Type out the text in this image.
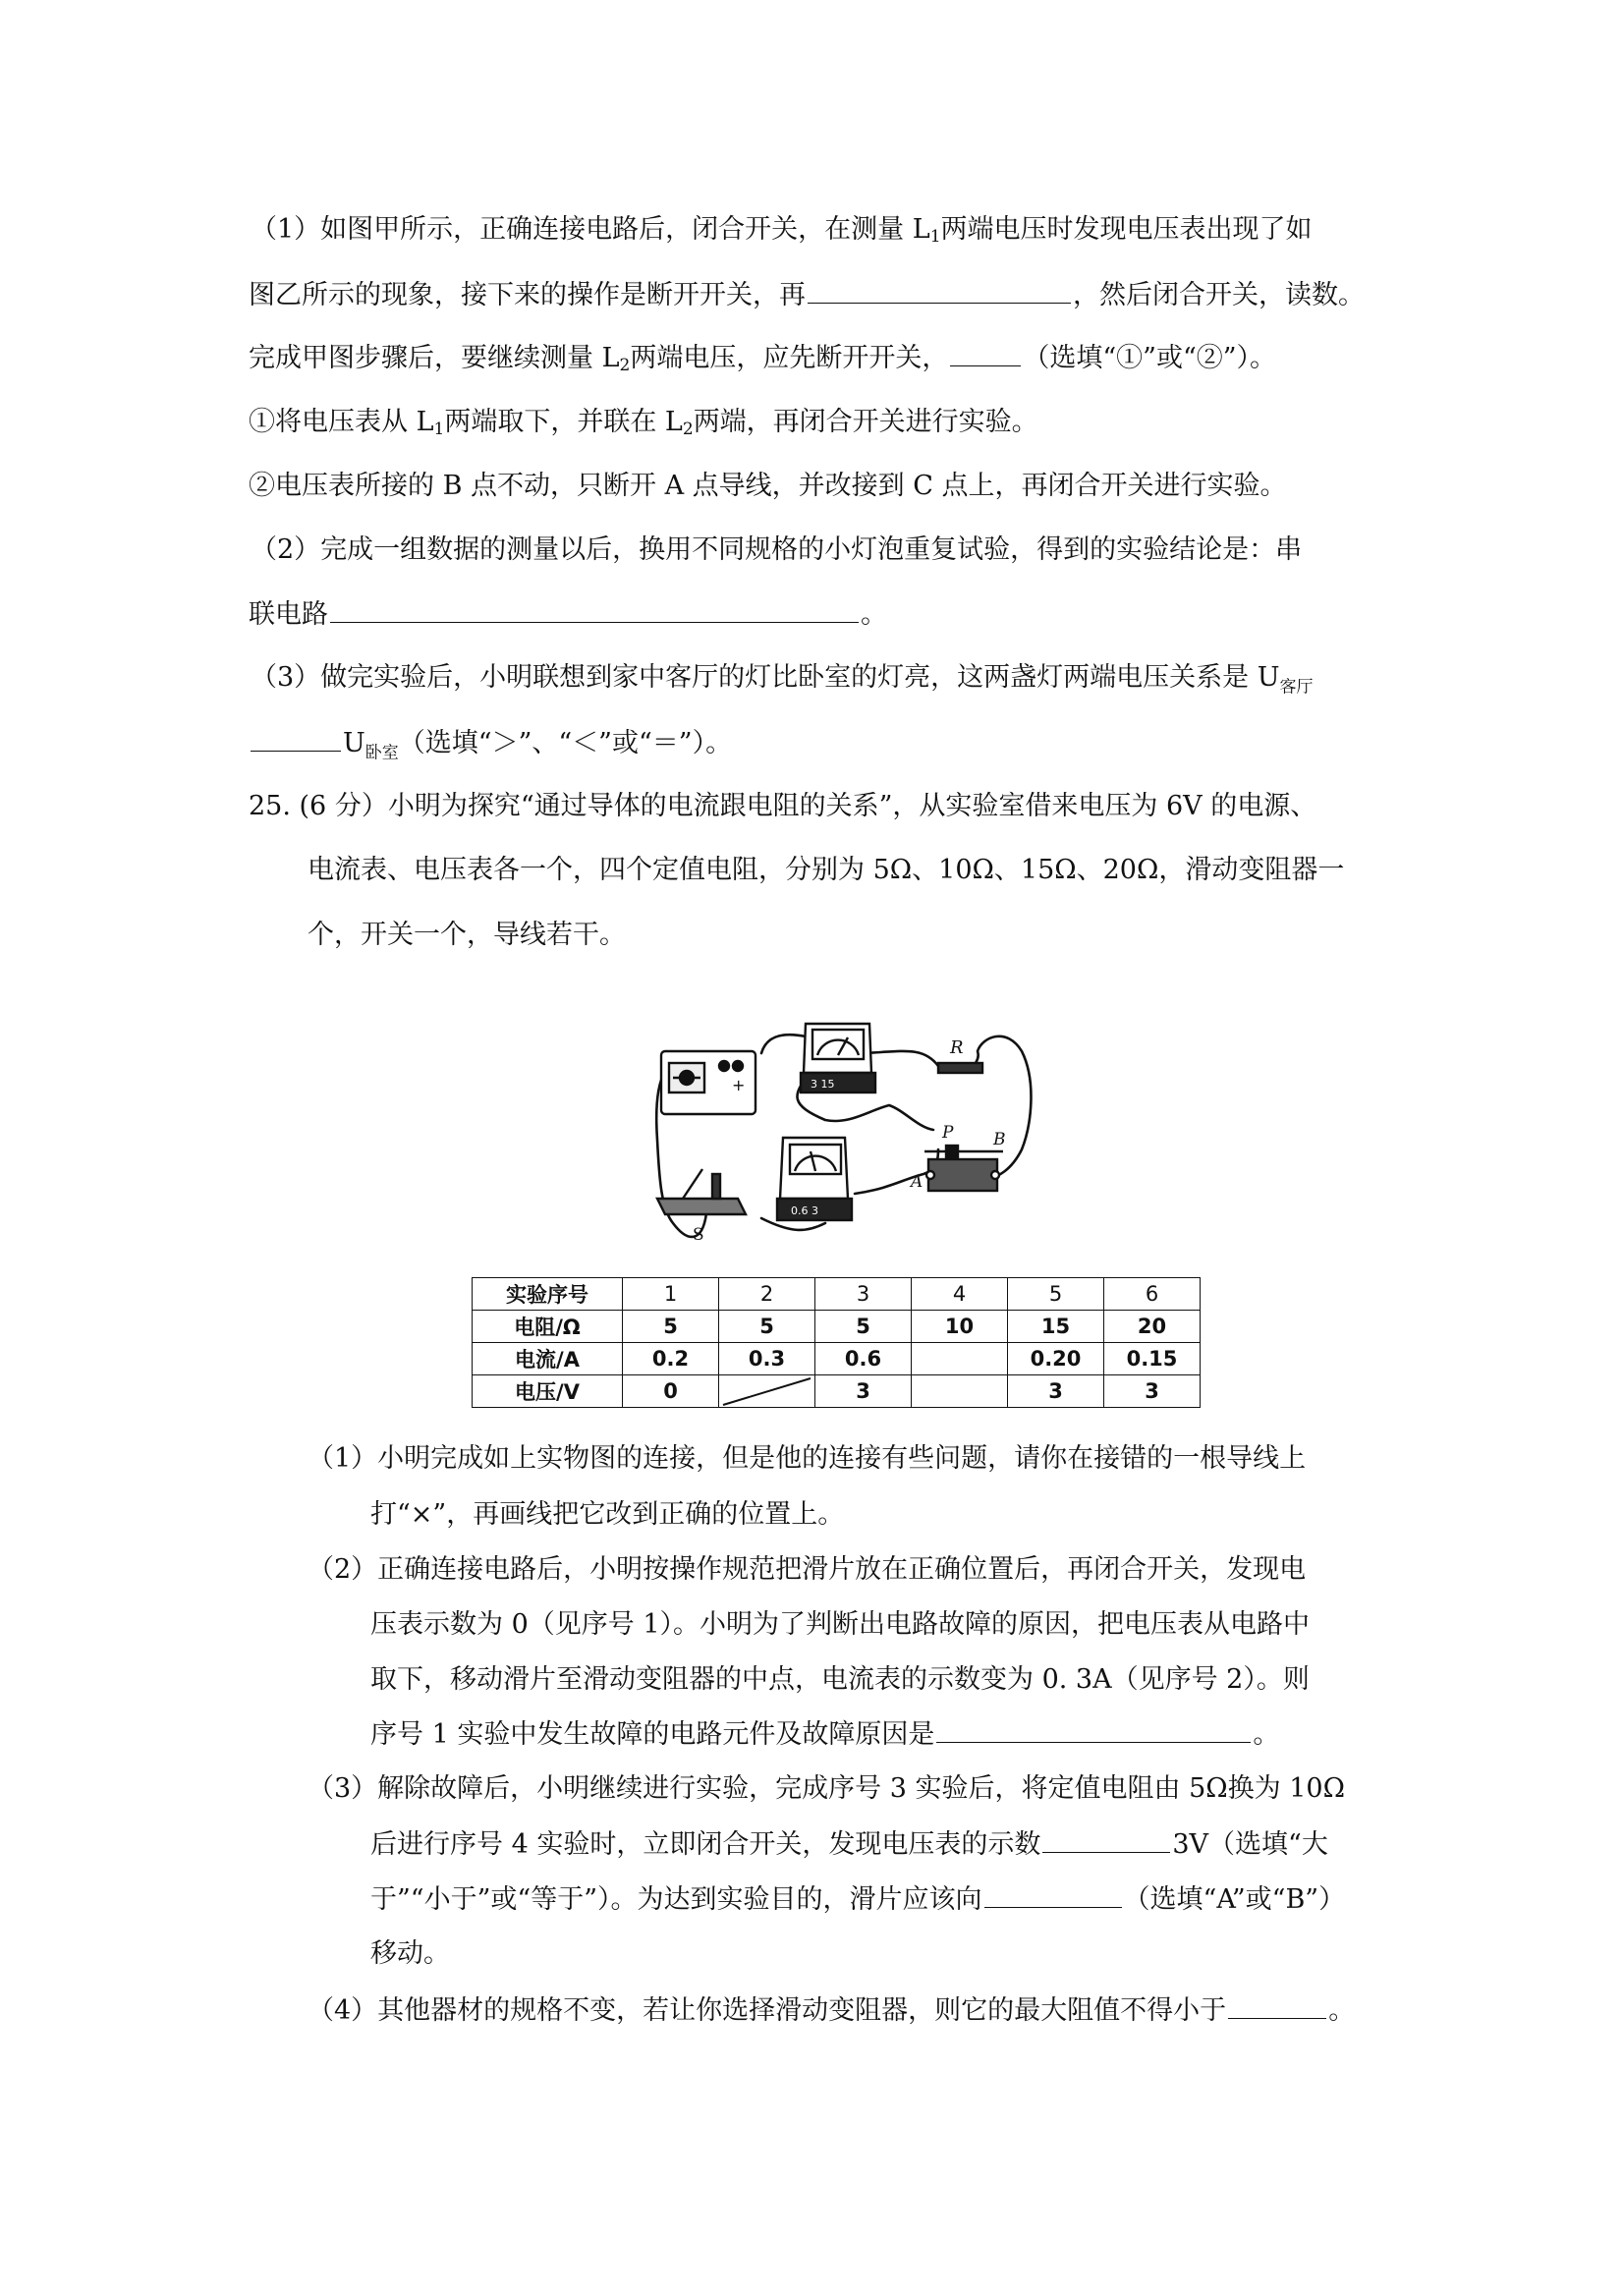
（1）如图甲所示，正确连接电路后，闭合开关，在测量 $L_1$两端电压时发现电压表出现了如
图乙所示的现象，接下来的操作是断开开关，再	，然后闭合开关，读数。
完成甲图步骤后，要继续测量 $L_2$两端电压，应先断开开关，	（选填“①”或“②”）。
①将电压表从 $L_1$两端取下，并联在 $L_2$两端，再闭合开关进行实验。
②电压表所接的 B 点不动，只断开 A 点导线，并改接到 C 点上，再闭合开关进行实验。
（2）完成一组数据的测量以后，换用不同规格的小灯泡重复试验，得到的实验结论是：串
联电路	。
（3）做完实验后，小明联想到家中客厅的灯比卧室的灯亮，这两盏灯两端电压关系是 $U_{客厅}$
$U_{卧室}$（选填“＞”、“＜”或“＝”）。
25. (6 分）小明为探究“通过导体的电流跟电阻的关系”，从实验室借来电压为 6V 的电源、
电流表、电压表各一个，四个定值电阻，分别为 5Ω、10Ω、15Ω、20Ω，滑动变阻器一
个，开关一个，导线若干。
+	3 15
R
0.6 3
P
A
B
S
实验序号	1	2	3	4	5	6
电阻/Ω	5	5	5	10	15	20
电流/A	0.2	0.3	0.6		0.20	0.15
电压/V	0		3		3	3
（1）小明完成如上实物图的连接，但是他的连接有些问题，请你在接错的一根导线上
打“×”，再画线把它改到正确的位置上。
（2）正确连接电路后，小明按操作规范把滑片放在正确位置后，再闭合开关，发现电
压表示数为 0（见序号 1）。小明为了判断出电路故障的原因，把电压表从电路中
取下，移动滑片至滑动变阻器的中点，电流表的示数变为 0. 3A（见序号 2）。则
序号 1 实验中发生故障的电路元件及故障原因是	。
（3）解除故障后，小明继续进行实验，完成序号 3 实验后，将定值电阻由 5Ω换为 10Ω
后进行序号 4 实验时，立即闭合开关，发现电压表的示数	3V（选填“大
于”“小于”或“等于”）。为达到实验目的，滑片应该向	（选填“A”或“B”）
移动。
（4）其他器材的规格不变，若让你选择滑动变阻器，则它的最大阻值不得小于	。
